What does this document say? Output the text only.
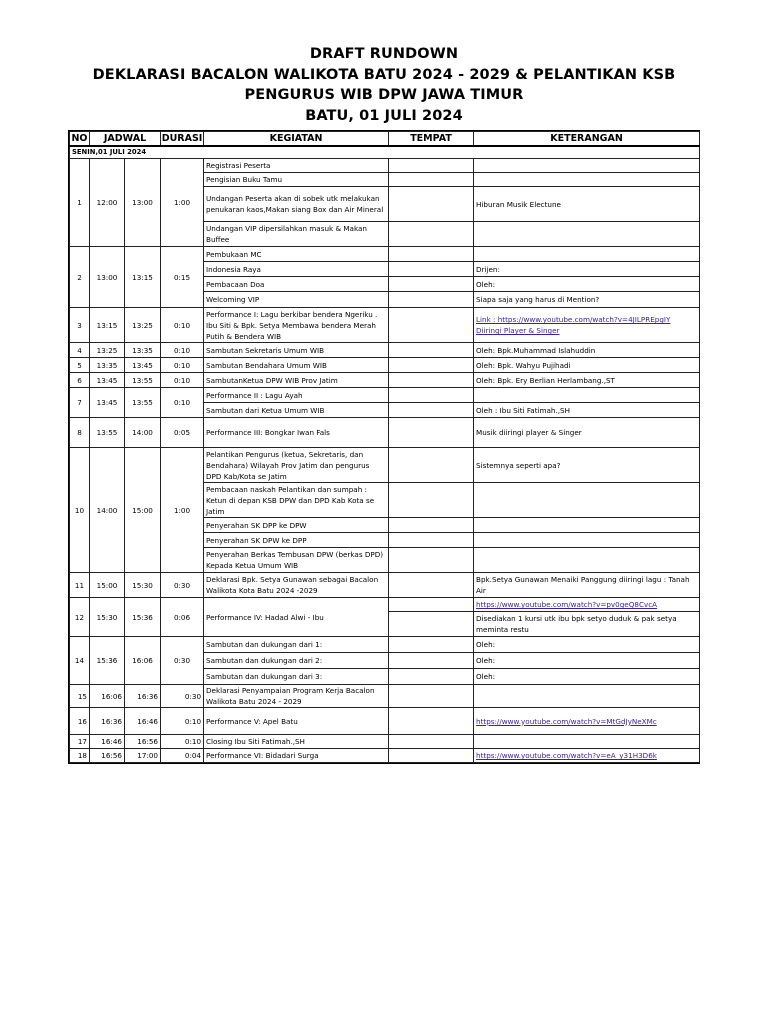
DRAFT RUNDOWN
DEKLARASI BACALON WALIKOTA BATU 2024 - 2029 & PELANTIKAN KSB
PENGURUS WIB DPW JAWA TIMUR
BATU, 01 JULI 2024
NO	JADWAL		DURASI	KEGIATAN	TEMPAT	KETERANGAN
SENIN,01 JULI 2024						
1	12:00	13:00	1:00	Registrasi Peserta		
				Pengisian Buku Tamu		
				Undangan Peserta akan di sobek utk melakukan penukaran kaos,Makan siang Box dan Air Mineral		Hiburan Musik Electune
				Undangan VIP dipersilahkan masuk & Makan Buffee		
2	13:00	13:15	0:15	Pembukaan MC		
				Indonesia Raya		Drijen:
				Pembacaan Doa		Oleh:
				Welcoming VIP		Siapa saja yang harus di Mention?
3	13:15	13:25	0:10	Performance I: Lagu berkibar bendera Ngeriku . Ibu Siti & Bpk. Setya Membawa bendera Merah Putih & Bendera WIB		Link : https://www.youtube.com/watch?v=4JILPREpgIY Diiringi Player & Singer
4	13:25	13:35	0:10	Sambutan Sekretaris Umum WIB		Oleh: Bpk.Muhammad Islahuddin
5	13:35	13:45	0:10	Sambutan Bendahara Umum WIB		Oleh: Bpk. Wahyu Pujihadi
6	13:45	13:55	0:10	SambutanKetua DPW WIB Prov Jatim		Oleh: Bpk. Ery Berlian Herlambang.,ST
7	13:45	13:55	0:10	Performance II : Lagu Ayah		
				Sambutan dari Ketua Umum WIB		Oleh : Ibu Siti Fatimah.,SH
8	13:55	14:00	0:05	Performance III: Bongkar Iwan Fals		Musik diiringi player & Singer
10	14:00	15:00	1:00	Pelantikan Pengurus (ketua, Sekretaris, dan Bendahara) Wilayah Prov Jatim dan pengurus DPD Kab/Kota se Jatim		Sistemnya seperti apa?
				Pembacaan naskah Pelantikan dan sumpah : Ketun di depan KSB DPW dan DPD Kab Kota se Jatim		
				Penyerahan SK DPP ke DPW		
				Penyerahan SK DPW ke DPP		
				Penyerahan Berkas Tembusan DPW (berkas DPD) Kepada Ketua Umum WIB		
11	15:00	15:30	0:30	Deklarasi Bpk. Setya Gunawan sebagai Bacalon Walikota Kota Batu 2024 -2029		Bpk.Setya Gunawan Menaiki Panggung diiringi lagu : Tanah Air
12	15:30	15:36	0:06	Performance IV: Hadad Alwi - Ibu		https://www.youtube.com/watch?v=pv0geQ8CvcA
						Disediakan 1 kursi utk ibu bpk setyo duduk & pak setya meminta restu
14	15:36	16:06	0:30	Sambutan dan dukungan dari 1:		Oleh:
				Sambutan dan dukungan dari 2:		Oleh:
				Sambutan dan dukungan dari 3:		Oleh:
15	16:06	16:36	0:30	Deklarasi Penyampaian Program Kerja Bacalon Walikota Batu 2024 - 2029		
16	16:36	16:46	0:10	Performance V: Apel Batu		https://www.youtube.com/watch?v=MtGdJyNeXMc
17	16:46	16:56	0:10	Closing Ibu Siti Fatimah.,SH		
18	16:56	17:00	0:04	Performance VI: Bidadari Surga		https://www.youtube.com/watch?v=eA_y31H3D6k
